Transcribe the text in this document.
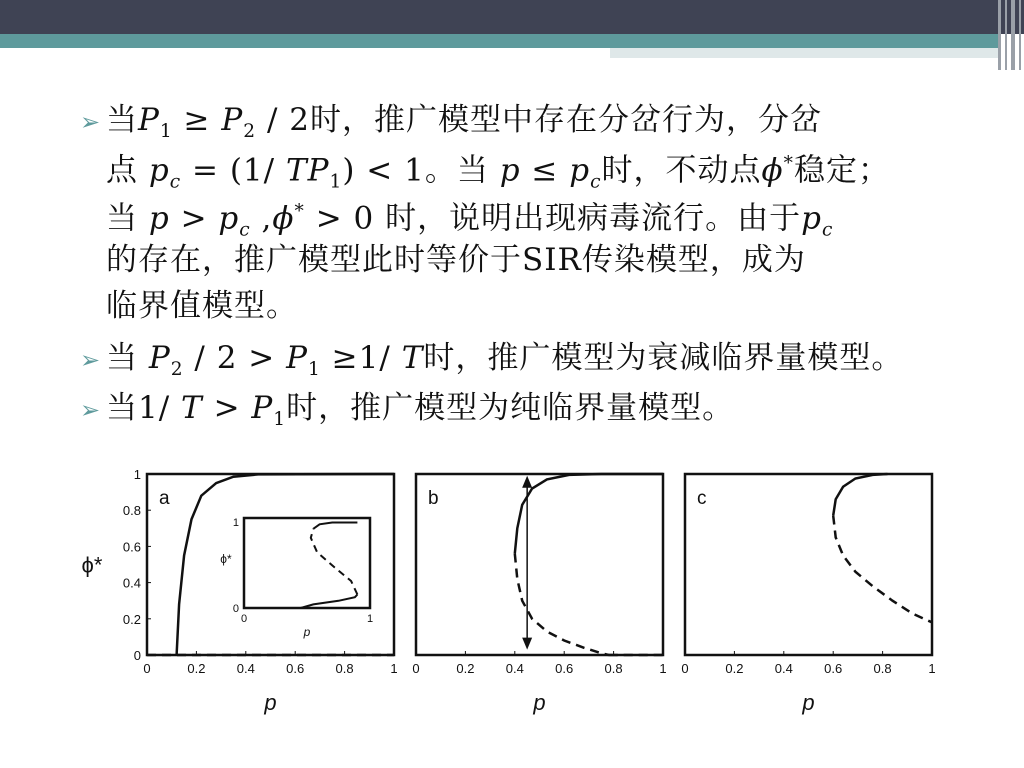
➢ 当$P_1 \ge P_2 / 2$时，推广模型中存在分岔行为，分岔
点 $p_c = (1/$ $TP_1) < 1$。当 $p \le p_c$时，不动点ϕ*稳定；
当 $p > p_c$ ,ϕ* > 0 时，说明出现病毒流行。由于$p_c$
的存在，推广模型此时等价于SIR传染模型，成为
临界值模型。
➢ 当 $P_2 / 2 > P_1 \ge 1/$ T时，推广模型为衰减临界量模型。
➢ 当1/ $T > P_1$时，推广模型为纯临界量模型。
0	0.2 0.4 0.6 0.8	1
0
0.2
0.4
0.6
0.8
1
p
ϕ*
a
0	1
0
1
p
ϕ*
0	0.2 0.4 0.6 0.8	1
p
b
0	0.2 0.4 0.6 0.8	1
p
c
